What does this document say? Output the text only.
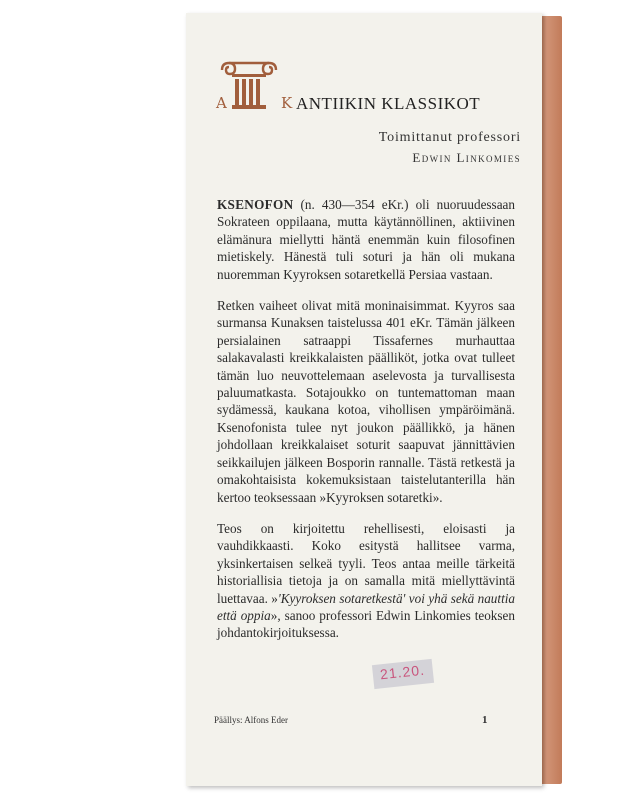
A	K ANTIIKIN KLASSIKOT
Toimittanut professori
Edwin Linkomies

KSENOFON (n. 430—354 eKr.) oli nuoruudessaan Sokrateen oppilaana, mutta käytännöllinen, aktiivinen elämänura miellytti häntä enemmän kuin filosofinen mietiskely. Hänestä tuli soturi ja hän oli mukana nuoremman Kyyroksen sotaretkellä Persiaa vastaan.

Retken vaiheet olivat mitä moninaisimmat. Kyyros saa surmansa Kunaksen taistelussa 401 eKr. Tämän jälkeen persialainen satraappi Tissafernes murhauttaa salakavalasti kreikkalaisten päälliköt, jotka ovat tulleet tämän luo neuvottelemaan aselevosta ja turvallisesta paluumatkasta. Sotajoukko on tuntemattoman maan sydämessä, kaukana kotoa, vihollisen ympäröimänä. Ksenofonista tulee nyt joukon päällikkö, ja hänen johdollaan kreikkalaiset soturit saapuvat jännittävien seikkailujen jälkeen Bosporin rannalle. Tästä retkestä ja omakohtaisista kokemuksistaan taistelutanterilla hän kertoo teoksessaan »Kyyroksen sotaretki».

Teos on kirjoitettu rehellisesti, eloisasti ja vauhdikkaasti. Koko esitystä hallitsee varma, yksinkertaisen selkeä tyyli. Teos antaa meille tärkeitä historiallisia tietoja ja on samalla mitä miellyttävintä luettavaa. »'Kyyroksen sotaretkestä' voi yhä sekä nauttia että oppia», sanoo professori Edwin Linkomies teoksen johdantokirjoituksessa.

21.20.
Päällys: Alfons Eder	1
